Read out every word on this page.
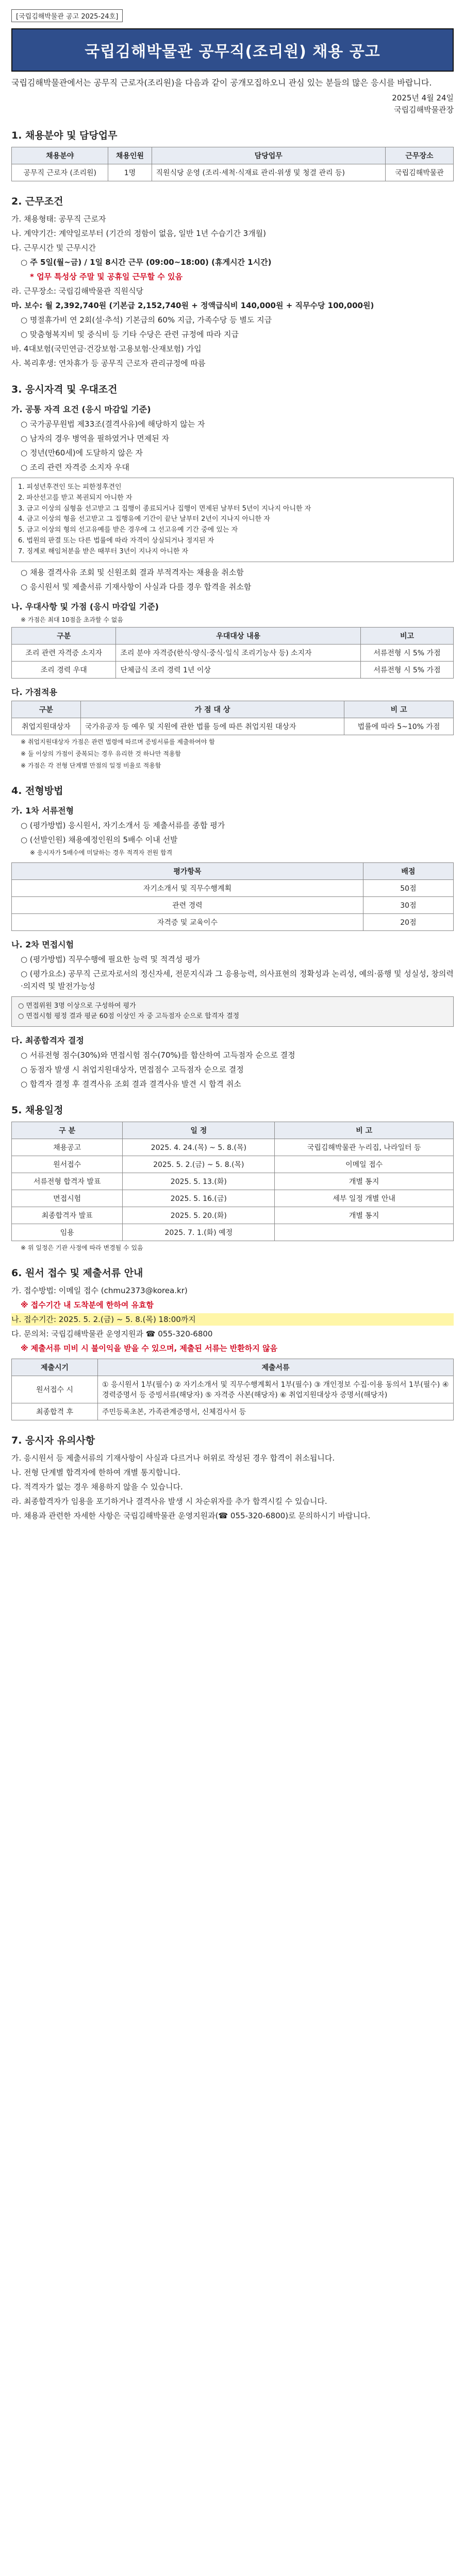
[국립김해박물관 공고 2025-24호]
국립김해박물관 공무직(조리원) 채용 공고
국립김해박물관에서는 공무직 근로자(조리원)을 다음과 같이 공개모집하오니 관심 있는 분들의 많은 응시를 바랍니다.
2025년 4월 24일
국립김해박물관장
1. 채용분야 및 담당업무
채용분야	채용인원	담당업무	근무장소
공무직 근로자 (조리원)	1명	직원식당 운영 (조리·세척·식재료 관리·위생 및 청결 관리 등)	국립김해박물관
2. 근무조건
가. 채용형태: 공무직 근로자
나. 계약기간: 계약일로부터 (기간의 정함이 없음, 일반 1년 수습기간 3개월)
다. 근무시간 및 근무시간
○ 주 5일(월~금) / 1일 8시간 근무 (09:00~18:00) (휴게시간 1시간)
* 업무 특성상 주말 및 공휴일 근무할 수 있음
라. 근무장소: 국립김해박물관 직원식당
마. 보수: 월 2,392,740원 (기본급 2,152,740원 + 정액급식비 140,000원 + 직무수당 100,000원)
○ 명절휴가비 연 2회(설·추석) 기본급의 60% 지급, 가족수당 등 별도 지급
○ 맞춤형복지비 및 중식비 등 기타 수당은 관련 규정에 따라 지급
바. 4대보험(국민연금·건강보험·고용보험·산재보험) 가입
사. 복리후생: 연차휴가 등 공무직 근로자 관리규정에 따름
3. 응시자격 및 우대조건
가. 공통 자격 요건 (응시 마감일 기준)
○ 국가공무원법 제33조(결격사유)에 해당하지 않는 자
○ 남자의 경우 병역을 필하였거나 면제된 자
○ 정년(만60세)에 도달하지 않은 자
○ 조리 관련 자격증 소지자 우대
1. 피성년후견인 또는 피한정후견인
2. 파산선고를 받고 복권되지 아니한 자
3. 금고 이상의 실형을 선고받고 그 집행이 종료되거나 집행이 면제된 날부터 5년이 지나지 아니한 자
4. 금고 이상의 형을 선고받고 그 집행유예 기간이 끝난 날부터 2년이 지나지 아니한 자
5. 금고 이상의 형의 선고유예를 받은 경우에 그 선고유예 기간 중에 있는 자
6. 법원의 판결 또는 다른 법률에 따라 자격이 상실되거나 정지된 자
7. 징계로 해임처분을 받은 때부터 3년이 지나지 아니한 자
○ 채용 결격사유 조회 및 신원조회 결과 부적격자는 채용을 취소함
○ 응시원서 및 제출서류 기재사항이 사실과 다를 경우 합격을 취소함
나. 우대사항 및 가점 (응시 마감일 기준)
※ 가점은 최대 10점을 초과할 수 없음
구분	우대대상 내용	비고
조리 관련 자격증 소지자	조리 분야 자격증(한식·양식·중식·일식 조리기능사 등) 소지자	서류전형 시 5% 가점
조리 경력 우대	단체급식 조리 경력 1년 이상	서류전형 시 5% 가점
다. 가점적용
구분	가 점 대 상	비 고
취업지원대상자	국가유공자 등 예우 및 지원에 관한 법률 등에 따른 취업지원 대상자	법률에 따라 5~10% 가점
※ 취업지원대상자 가점은 관련 법령에 따르며 증빙서류를 제출하여야 함
※ 둘 이상의 가점이 중복되는 경우 유리한 것 하나만 적용함
※ 가점은 각 전형 단계별 만점의 일정 비율로 적용함
4. 전형방법
가. 1차 서류전형
○ (평가방법) 응시원서, 자기소개서 등 제출서류를 종합 평가
○ (선발인원) 채용예정인원의 5배수 이내 선발
※ 응시자가 5배수에 미달하는 경우 적격자 전원 합격
평가항목	배점
자기소개서 및 직무수행계획	50점
관련 경력	30점
자격증 및 교육이수	20점
나. 2차 면접시험
○ (평가방법) 직무수행에 필요한 능력 및 적격성 평가
○ (평가요소) 공무직 근로자로서의 정신자세, 전문지식과 그 응용능력, 의사표현의 정확성과 논리성, 예의·품행 및 성실성, 창의력·의지력 및 발전가능성
○ 면접위원 3명 이상으로 구성하여 평가
○ 면접시험 평정 결과 평균 60점 이상인 자 중 고득점자 순으로 합격자 결정
다. 최종합격자 결정
○ 서류전형 점수(30%)와 면접시험 점수(70%)를 합산하여 고득점자 순으로 결정
○ 동점자 발생 시 취업지원대상자, 면접점수 고득점자 순으로 결정
○ 합격자 결정 후 결격사유 조회 결과 결격사유 발견 시 합격 취소
5. 채용일정
구 분	일 정	비 고
채용공고	2025. 4. 24.(목) ~ 5. 8.(목)	국립김해박물관 누리집, 나라일터 등
원서접수	2025. 5. 2.(금) ~ 5. 8.(목)	이메일 접수
서류전형 합격자 발표	2025. 5. 13.(화)	개별 통지
면접시험	2025. 5. 16.(금)	세부 일정 개별 안내
최종합격자 발표	2025. 5. 20.(화)	개별 통지
임용	2025. 7. 1.(화) 예정	
※ 위 일정은 기관 사정에 따라 변경될 수 있음
6. 원서 접수 및 제출서류 안내
가. 접수방법: 이메일 접수 (chmu2373@korea.kr)
※ 접수기간 내 도착분에 한하여 유효함
나. 접수기간: 2025. 5. 2.(금) ~ 5. 8.(목) 18:00까지
다. 문의처: 국립김해박물관 운영지원과 ☎ 055-320-6800
※ 제출서류 미비 시 불이익을 받을 수 있으며, 제출된 서류는 반환하지 않음
제출시기	제출서류
원서접수 시	① 응시원서 1부(필수) ② 자기소개서 및 직무수행계획서 1부(필수) ③ 개인정보 수집·이용 동의서 1부(필수) ④ 경력증명서 등 증빙서류(해당자) ⑤ 자격증 사본(해당자) ⑥ 취업지원대상자 증명서(해당자)
최종합격 후	주민등록초본, 가족관계증명서, 신체검사서 등
7. 응시자 유의사항
가. 응시원서 등 제출서류의 기재사항이 사실과 다르거나 허위로 작성된 경우 합격이 취소됩니다.
나. 전형 단계별 합격자에 한하여 개별 통지합니다.
다. 적격자가 없는 경우 채용하지 않을 수 있습니다.
라. 최종합격자가 임용을 포기하거나 결격사유 발생 시 차순위자를 추가 합격시킬 수 있습니다.
마. 채용과 관련한 자세한 사항은 국립김해박물관 운영지원과(☎ 055-320-6800)로 문의하시기 바랍니다.
